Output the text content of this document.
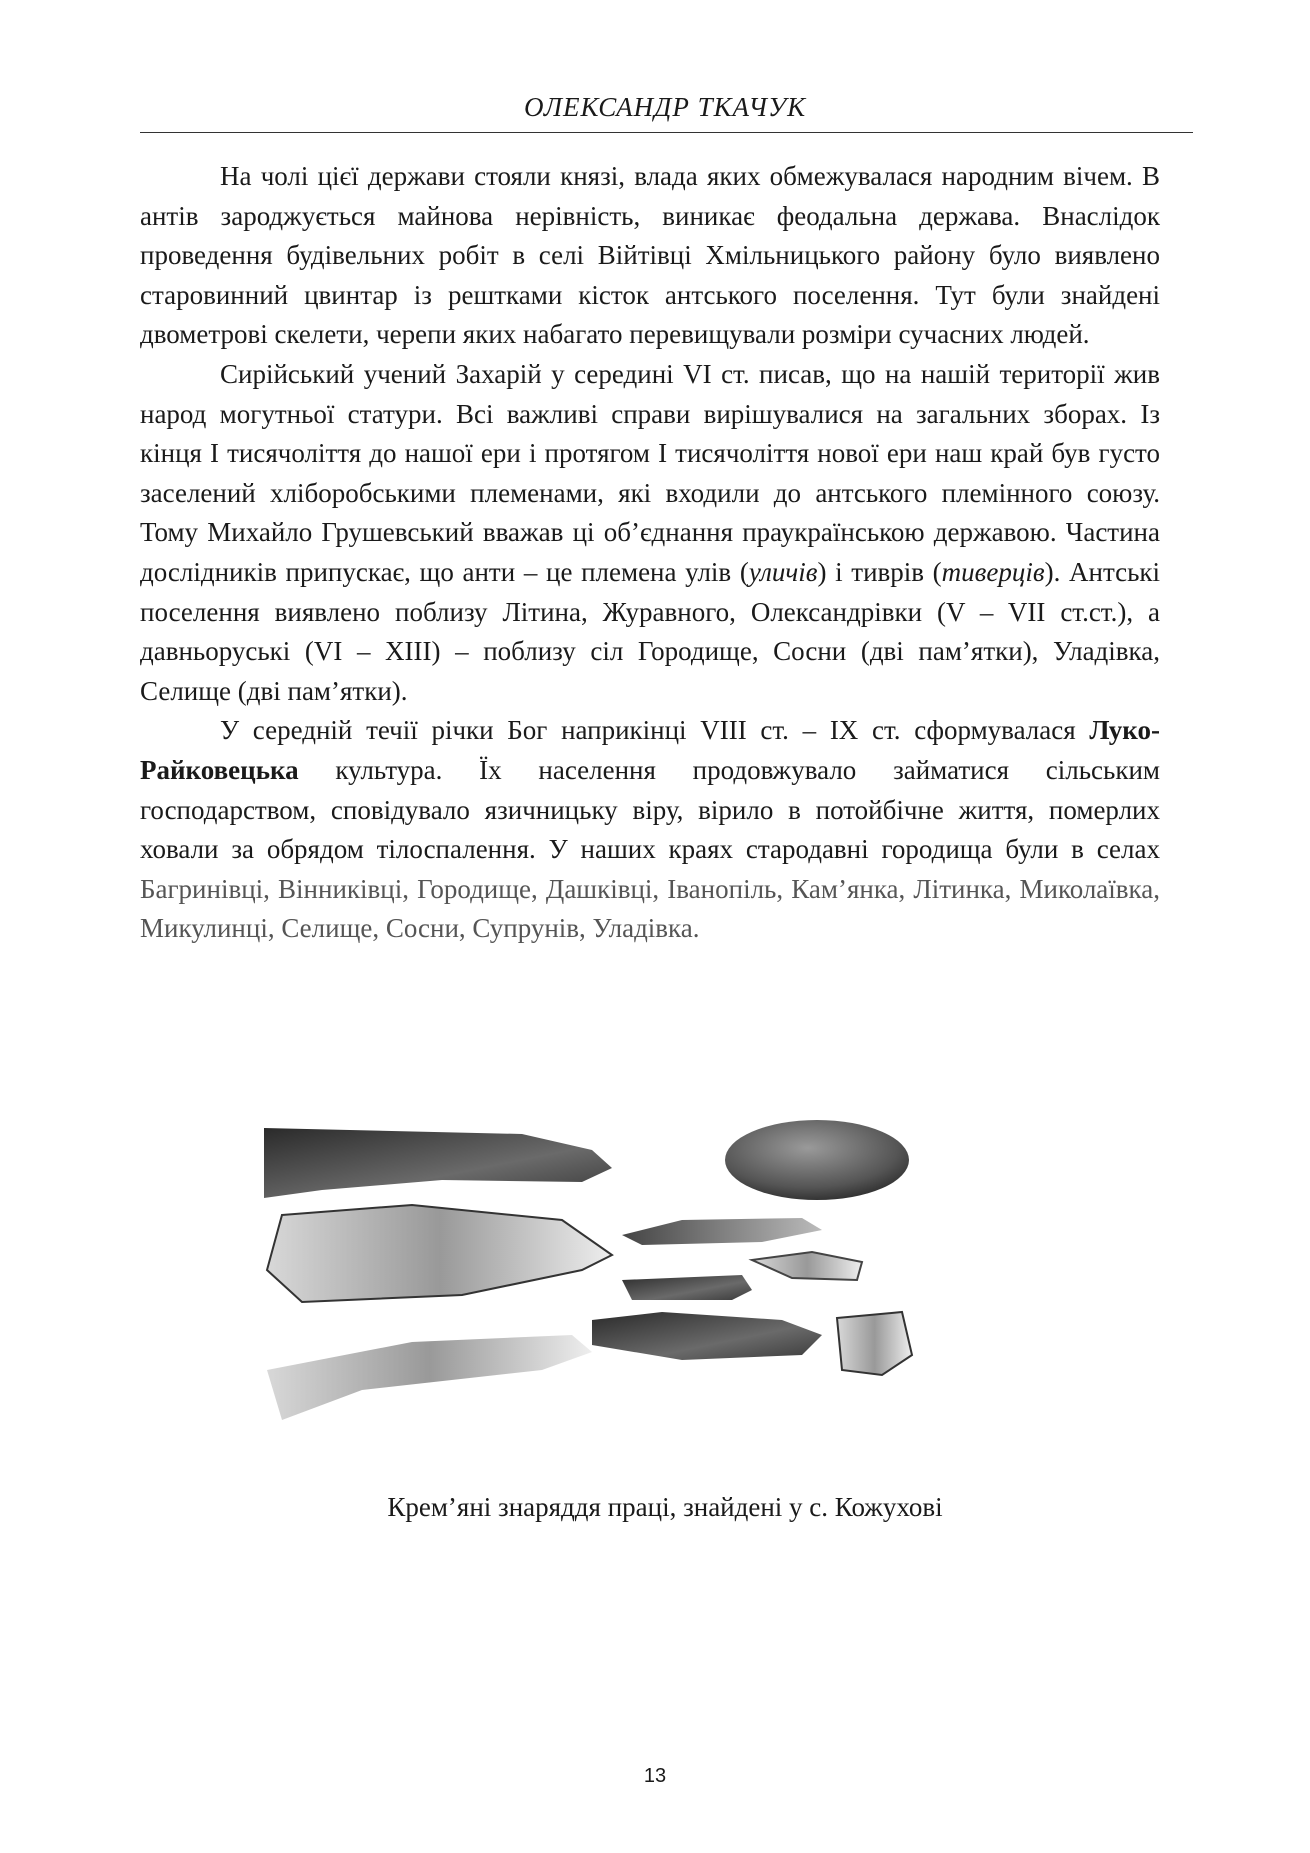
ОЛЕКСАНДР ТКАЧУК

На чолі цієї держави стояли князі, влада яких обмежувалася народним вічем. В антів зароджується майнова нерівність, виникає феодальна держава. Внаслідок проведення будівельних робіт в селі Війтівці Хмільницького району було виявлено старовинний цвинтар із рештками кісток антського поселення. Тут були знайдені двометрові скелети, черепи яких набагато перевищували розміри сучасних людей.

Сирійський учений Захарій у середині VI ст. писав, що на нашій території жив народ могутньої статури. Всі важливі справи вирішувалися на загальних зборах. Із кінця I тисячоліття до нашої ери і протягом I тисячоліття нової ери наш край був густо заселений хліборобськими племенами, які входили до антського племінного союзу. Тому Михайло Грушевський вважав ці об’єднання праукраїнською державою. Частина дослідників припускає, що анти – це племена улів (уличів) і тиврів (тиверців). Антські поселення виявлено поблизу Літина, Журавного, Олександрівки (V – VII ст.ст.), а давньоруські (VI – XIII) – поблизу сіл Городище, Сосни (дві пам’ятки), Уладівка, Селище (дві пам’ятки).

У середній течії річки Бог наприкінці VIII ст. – IX ст. сформувалася Луко-Райковецька культура. Їх населення продовжувало займатися сільським господарством, сповідувало язичницьку віру, вірило в потойбічне життя, померлих ховали за обрядом тілоспалення. У наших краях стародавні городища були в селах Багринівці, Вінниківці, Городище, Дашківці, Іванопіль, Кам’янка, Літинка, Миколаївка, Микулинці, Селище, Сосни, Супрунів, Уладівка.

Крем’яні знаряддя праці, знайдені у с. Кожухові
13
